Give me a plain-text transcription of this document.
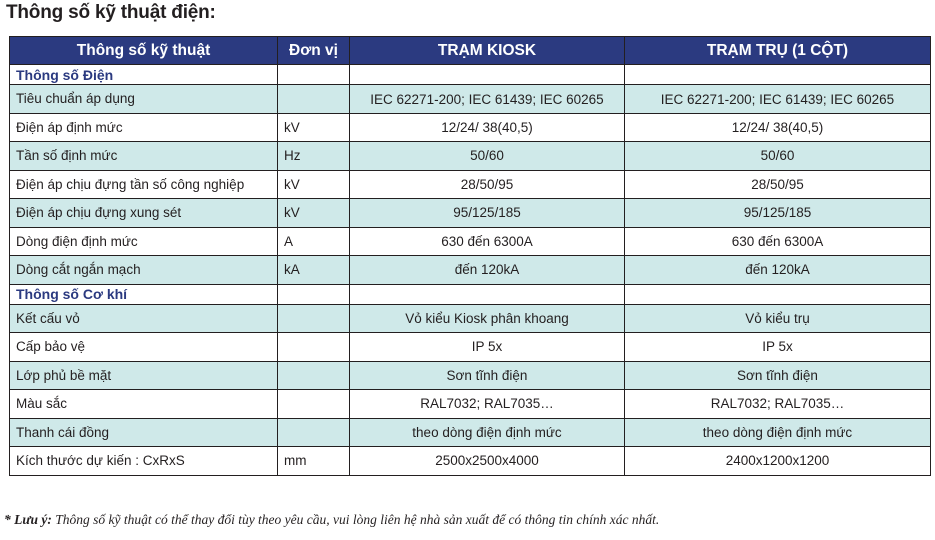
Thông số kỹ thuật điện:
Thông số kỹ thuật	Đơn vị	TRẠM KIOSK	TRẠM TRỤ (1 CỘT)
Thông số Điện			
Tiêu chuẩn áp dụng		IEC 62271-200; IEC 61439; IEC 60265	IEC 62271-200; IEC 61439; IEC 60265

Điện áp định mức	kV	12/24/ 38(40,5)	12/24/ 38(40,5)
Tần số định mức	Hz	50/60	50/60
Điện áp chịu đựng tần số công nghiệp	kV	28/50/95	28/50/95
Điện áp chịu đựng xung sét	kV	95/125/185	95/125/185
Dòng điện định mức	A	630 đến 6300A	630 đến 6300A
Dòng cắt ngắn mạch	kA	đến 120kA	đến 120kA
Thông số Cơ khí			
Kết cấu vỏ		Vỏ kiểu Kiosk phân khoang	Vỏ kiểu trụ
Cấp bảo vệ		IP 5x	IP 5x
Lớp phủ bề mặt		Sơn tĩnh điện	Sơn tĩnh điện
Màu sắc		RAL7032; RAL7035…	RAL7032; RAL7035…
Thanh cái đồng		theo dòng điện định mức	theo dòng điện định mức
Kích thước dự kiến : CxRxS	mm	2500x2500x4000	2400x1200x1200

* Lưu ý: Thông số kỹ thuật có thể thay đổi tùy theo yêu cầu, vui lòng liên hệ nhà sản xuất để có thông tin chính xác nhất.
